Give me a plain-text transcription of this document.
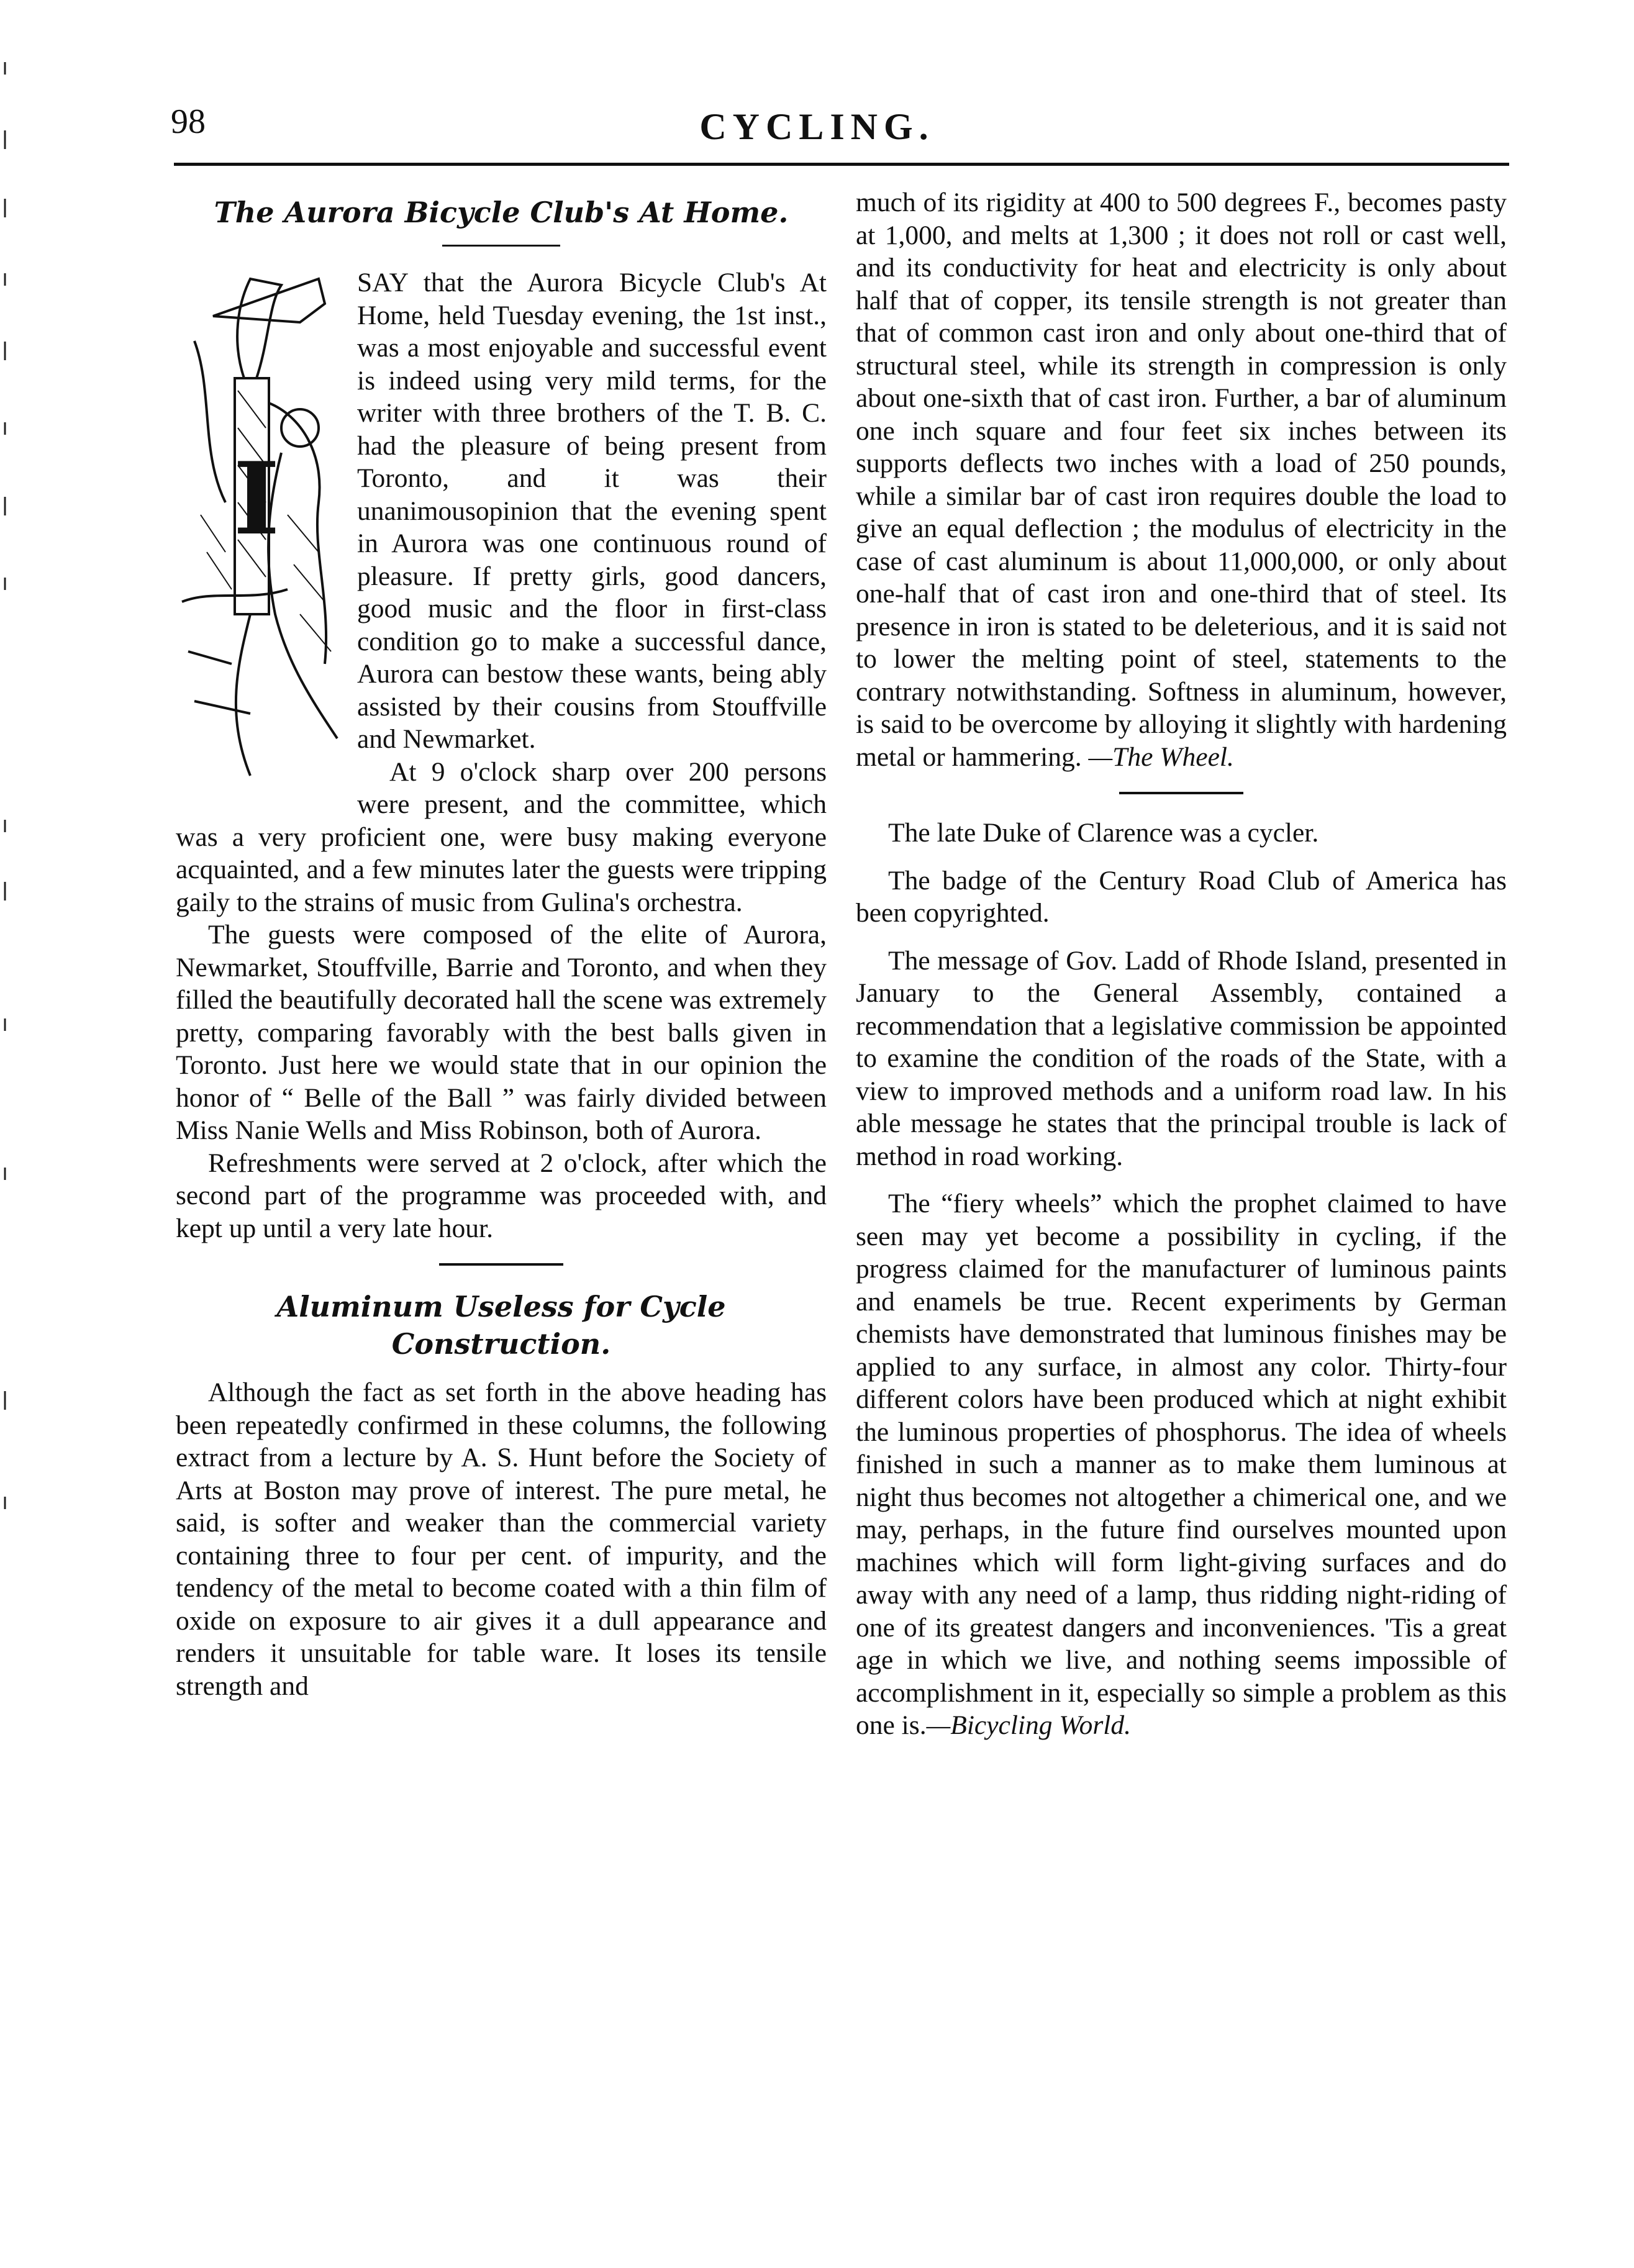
98	CYCLING.
The Aurora Bicycle Club's At Home.
I

SAY that the Aurora Bicycle Club's At Home, held Tuesday evening, the 1st inst., was a most enjoyable and successful event is indeed using very mild terms, for the writer with three brothers of the T. B. C. had the pleasure of being present from Toronto, and it was their unanimousopinion that the evening spent in Aurora was one continuous round of pleasure. If pretty girls, good dancers, good music and the floor in first-class condition go to make a successful dance, Aurora can bestow these wants, being ably assisted by their cousins from Stouffville and Newmarket.

At 9 o'clock sharp over 200 persons were present, and the committee, which was a very proficient one, were busy making everyone acquainted, and a few minutes later the guests were tripping gaily to the strains of music from Gulina's orchestra.

The guests were composed of the elite of Aurora, Newmarket, Stouffville, Barrie and Toronto, and when they filled the beautifully decorated hall the scene was extremely pretty, comparing favorably with the best balls given in Toronto. Just here we would state that in our opinion the honor of “ Belle of the Ball ” was fairly divided between Miss Nanie Wells and Miss Robinson, both of Aurora.

Refreshments were served at 2 o'clock, after which the second part of the programme was proceeded with, and kept up until a very late hour.

Aluminum Useless for Cycle Construction.

Although the fact as set forth in the above heading has been repeatedly confirmed in these columns, the following extract from a lecture by A. S. Hunt before the Society of Arts at Boston may prove of interest. The pure metal, he said, is softer and weaker than the commercial variety containing three to four per cent. of impurity, and the tendency of the metal to become coated with a thin film of oxide on exposure to air gives it a dull appearance and renders it unsuitable for table ware. It loses its tensile strength and

much of its rigidity at 400 to 500 degrees F., becomes pasty at 1,000, and melts at 1,300 ; it does not roll or cast well, and its conductivity for heat and electricity is only about half that of copper, its tensile strength is not greater than that of common cast iron and only about one-third that of structural steel, while its strength in compression is only about one-sixth that of cast iron. Further, a bar of aluminum one inch square and four feet six inches between its supports deflects two inches with a load of 250 pounds, while a similar bar of cast iron requires double the load to give an equal deflection ; the modulus of electricity in the case of cast aluminum is about 11,000,000, or only about one-half that of cast iron and one-third that of steel. Its presence in iron is stated to be deleterious, and it is said not to lower the melting point of steel, statements to the contrary notwithstanding. Softness in aluminum, however, is said to be overcome by alloying it slightly with hardening metal or hammering. —The Wheel.

The late Duke of Clarence was a cycler.

The badge of the Century Road Club of America has been copyrighted.

The message of Gov. Ladd of Rhode Island, presented in January to the General Assembly, contained a recommendation that a legislative commission be appointed to examine the condition of the roads of the State, with a view to improved methods and a uniform road law. In his able message he states that the principal trouble is lack of method in road working.

The “fiery wheels” which the prophet claimed to have seen may yet become a possibility in cycling, if the progress claimed for the manufacturer of luminous paints and enamels be true. Recent experiments by German chemists have demonstrated that luminous finishes may be applied to any surface, in almost any color. Thirty-four different colors have been produced which at night exhibit the luminous properties of phosphorus. The idea of wheels finished in such a manner as to make them luminous at night thus becomes not altogether a chimerical one, and we may, perhaps, in the future find ourselves mounted upon machines which will form light-giving surfaces and do away with any need of a lamp, thus ridding night-riding of one of its greatest dangers and inconveniences. 'Tis a great age in which we live, and nothing seems impossible of accomplishment in it, especially so simple a problem as this one is.—Bicycling World.
